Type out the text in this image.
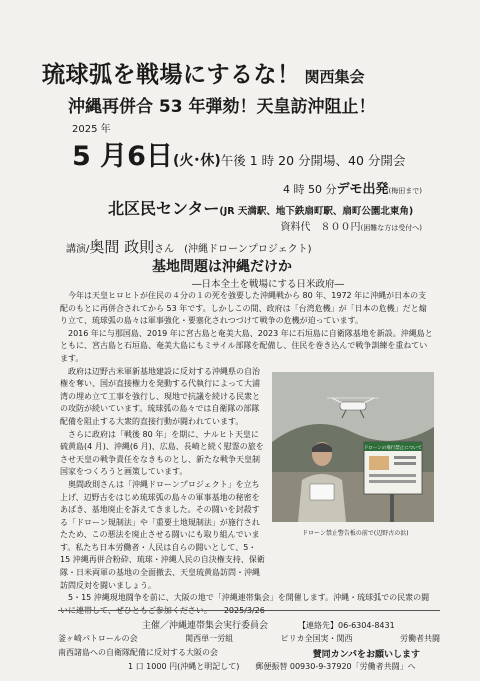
琉球弧を戦場にするな！ 関西集会
沖縄再併合 53 年弾劾！天皇訪沖阻止！
2025 年
5 月6日(火･休)午後 1 時 20 分開場、40 分開会
4 時 50 分デモ出発(梅田まで)
北区民センター(JR 天満駅、地下鉄扇町駅、扇町公園北東角)
資料代　８００円(困難な方は受付へ)
講演/奥間 政則さん　 (沖縄ドローンプロジェクト)
基地問題は沖縄だけか
―日本全土を戦場にする日米政府―

今年は天皇ヒロヒトが住民の４分の１の死を強要した沖縄戦から 80 年、1972 年に沖縄が日本の支配のもとに再併合されてから 53 年です。しかしこの間、政府は「台湾危機」が「日本の危機」だと煽り立て、琉球弧の島々は軍事強化・要塞化されつづけて戦争の危機が迫っています。

2016 年に与那国島、2019 年に宮古島と奄美大島、2023 年に石垣島に自衛隊基地を新設。沖縄島とともに、宮古島と石垣島、奄美大島にもミサイル部隊を配備し、住民を巻き込んで戦争訓練を重ねています。

政府は辺野古米軍新基地建設に反対する沖縄県の自治権を奪い、国が直接権力を発動する代執行によって大浦湾の埋め立て工事を強行し、現地で抗議を続ける民衆との攻防が続いています。琉球弧の島々では自衛隊の部隊配備を阻止する大衆的直接行動が闘われています。

さらに政府は「戦後 80 年」を期に、ナルヒト天皇に硫黄島(4 月)、沖縄(6 月)、広島、長崎と続く慰霊の旅をさせ天皇の戦争責任をなきものとし、新たな戦争天皇制国家をつくろうと画策しています。

奥間政則さんは「沖縄ドローンプロジェクト」を立ち上げ、辺野古をはじめ琉球弧の島々の軍事基地の秘密をあばき、基地廃止を訴えてきました。その闘いを封殺する「ドローン規制法」や「重要土地規制法」が施行されたため、この悪法を廃止させる闘いにも取り組んでいます。私たち日本労働者・人民は自らの闘いとして、5・15 沖縄再併合粉砕、琉球・沖縄人民の自決権支持、保衛隊・日米両軍の基地の全面撤去、天皇琉黄島訪問・沖縄訪問反対を闘いましょう。

5・15 沖縄現地闘争を前に、大阪の地で「沖縄連帯集会」を開催します。沖縄・琉球弧での民衆の闘いに連帯して、ぜひともご参加ください。　　2025/3/26

ドローンの飛行禁止について
ドローン禁止警告板の前で(辺野古の浜)
主催／沖縄連帯集会実行委員会	【連絡先】06-6304-8431
釜ヶ崎パトロールの会	関西単一労組	ピリカ全国実・関西	労働者共闘
南西諸島への自衛隊配備に反対する大阪の会	賛同カンパをお願いします
1 口 1000 円(沖縄と明記して) 郵便振替 00930-9-37920「労働者共闘」へ
